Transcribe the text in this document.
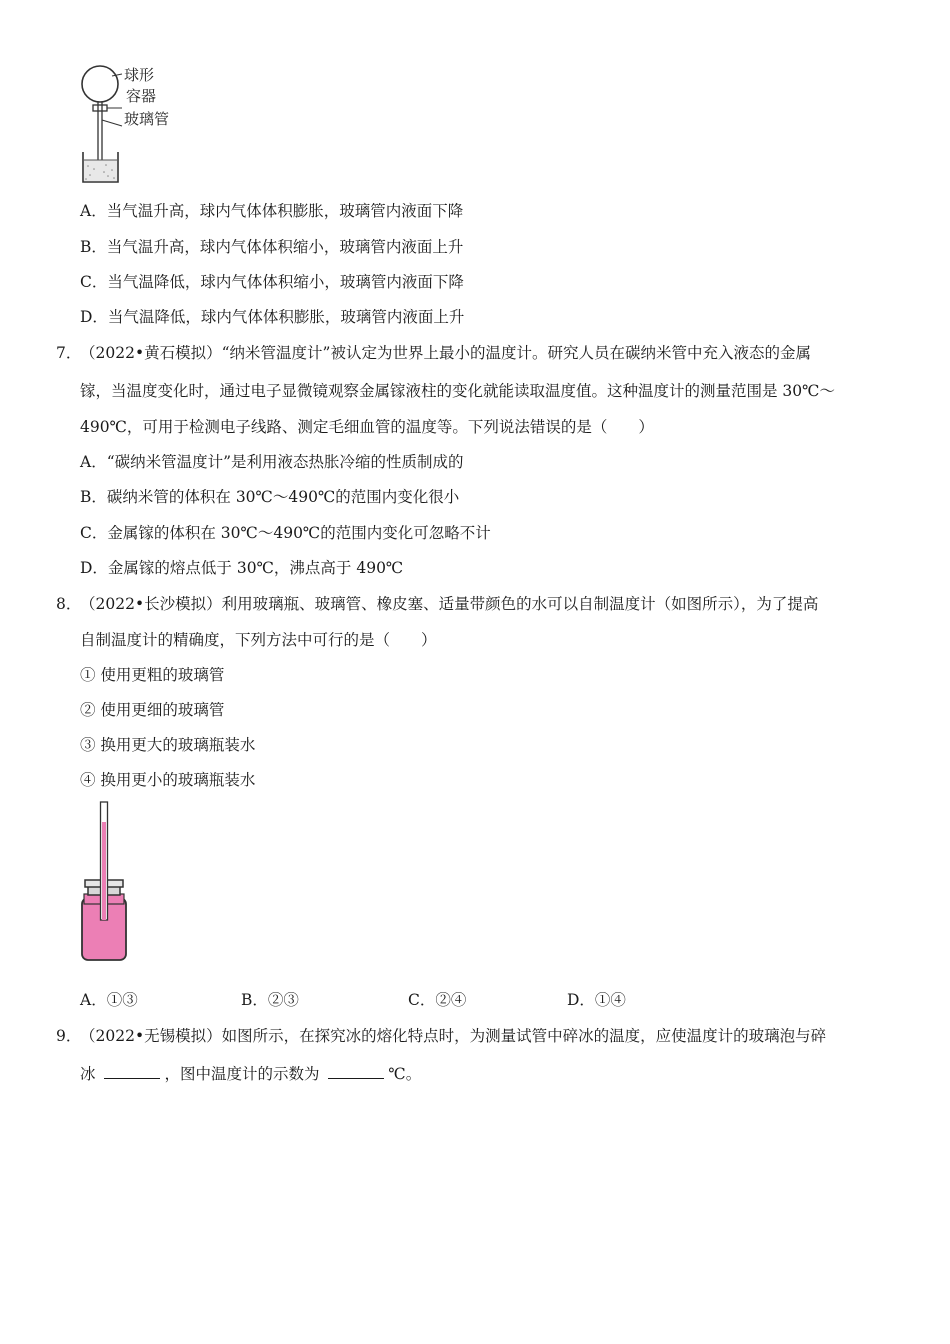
球形
容器
玻璃管
A．当气温升高，球内气体体积膨胀，玻璃管内液面下降
B．当气温升高，球内气体体积缩小，玻璃管内液面上升
C．当气温降低，球内气体体积缩小，玻璃管内液面下降
D．当气温降低，球内气体体积膨胀，玻璃管内液面上升
7．
（2022•黄石模拟）“纳米管温度计”被认定为世界上最小的温度计。研究人员在碳纳米管中充入液态的金属
镓，当温度变化时，通过电子显微镜观察金属镓液柱的变化就能读取温度值。这种温度计的测量范围是 30℃～
490℃，可用于检测电子线路、测定毛细血管的温度等。下列说法错误的是（　　）
A．“碳纳米管温度计”是利用液态热胀冷缩的性质制成的
B．碳纳米管的体积在 30℃～490℃的范围内变化很小
C．金属镓的体积在 30℃～490℃的范围内变化可忽略不计
D．金属镓的熔点低于 30℃，沸点高于 490℃
8．
（2022•长沙模拟）利用玻璃瓶、玻璃管、橡皮塞、适量带颜色的水可以自制温度计（如图所示），为了提高
自制温度计的精确度，下列方法中可行的是（　　）
① 使用更粗的玻璃管
② 使用更细的玻璃管
③ 换用更大的玻璃瓶装水
④ 换用更小的玻璃瓶装水
A．①③	B．②③	C．②④	D．①④
9．
（2022•无锡模拟）如图所示，在探究冰的熔化特点时，为测量试管中碎冰的温度，应使温度计的玻璃泡与碎
冰	，图中温度计的示数为	℃。
